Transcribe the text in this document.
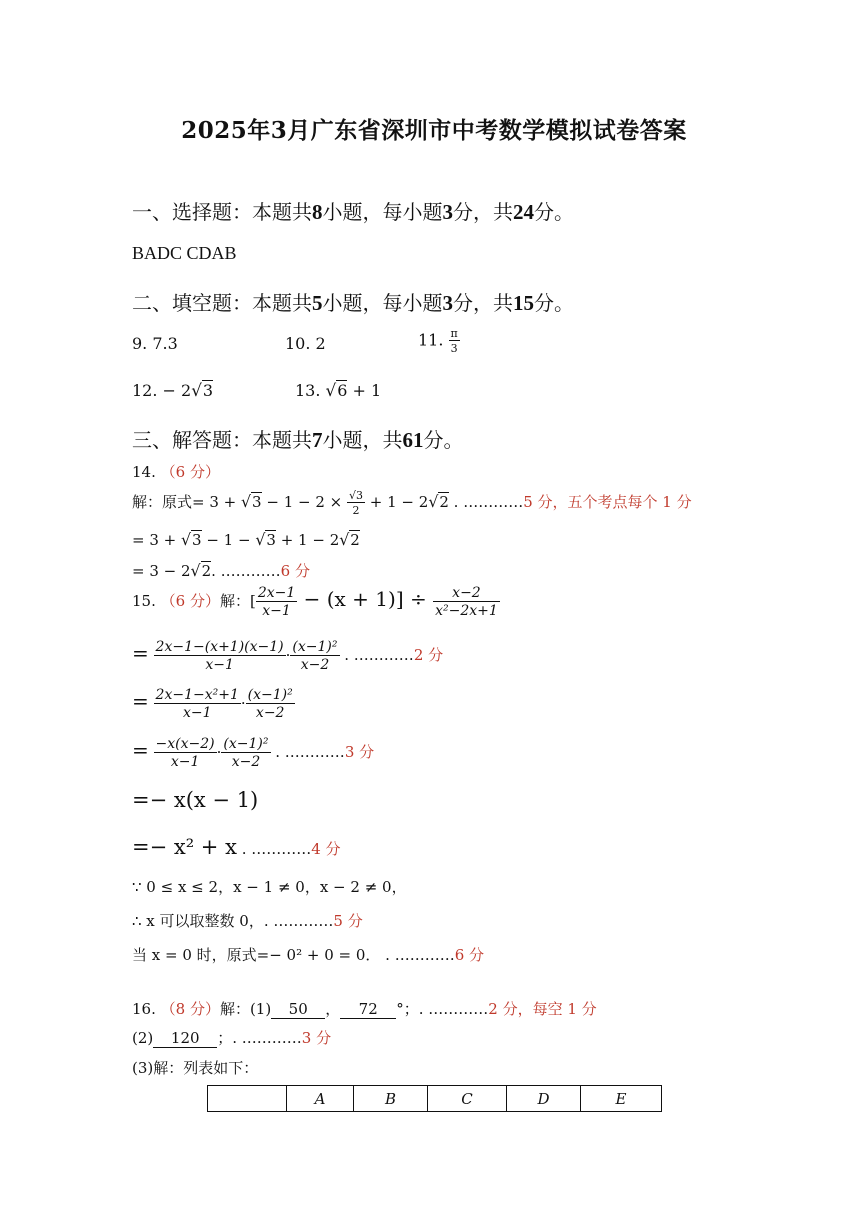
2025年3月广东省深圳市中考数学模拟试卷答案
一、选择题：本题共8小题，每小题3分，共24分。
BADC CDAB
二、填空题：本题共5小题，每小题3分，共15分。
9. 7.3	10. 2	11. $\frac{\pi}{3}$
12. − 2√3	13. √6 + 1
三、解答题：本题共7小题，共61分。
14. （6 分）
解：原式= $3 + √3 - 1 - 2 \times \frac{√3}{2} + 1 - 2√2$ . …………5 分，五个考点每个 1 分
= 3 + √3 − 1 − √3 + 1 − 2√2
= 3 − 2√2. …………6 分
15. （6 分）解：[ $\frac{2x-1}{x-1} - (x + 1)] \div \frac{x-2}{\text{x²−2x+1}}$
= $\frac{2x-1-(x+1)(x-1)}{x-1} \cdot \frac{\text{(x−1)²}}{x-2}$ . …………2 分
= $\frac{\text{2x−1−x²+1}}{x-1} \cdot \frac{\text{(x−1)²}}{x-2}$
= $\frac{-x(x-2)}{x-1} \cdot \frac{\text{(x−1)²}}{x-2}$ . …………3 分
=− x(x − 1)
=− x² + x . …………4 分
∵ 0 ≤ x ≤ 2，x − 1 ≠ 0，x − 2 ≠ 0，
∴ x 可以取整数 0，. …………5 分
当 x = 0 时，原式=− 0² + 0 = 0． . …………6 分
16. （8 分）解：(1) 50 ， 72 °；. …………2 分，每空 1 分
(2) 120 ；. …………3 分
(3)解：列表如下：
	A	B	C	D	E
